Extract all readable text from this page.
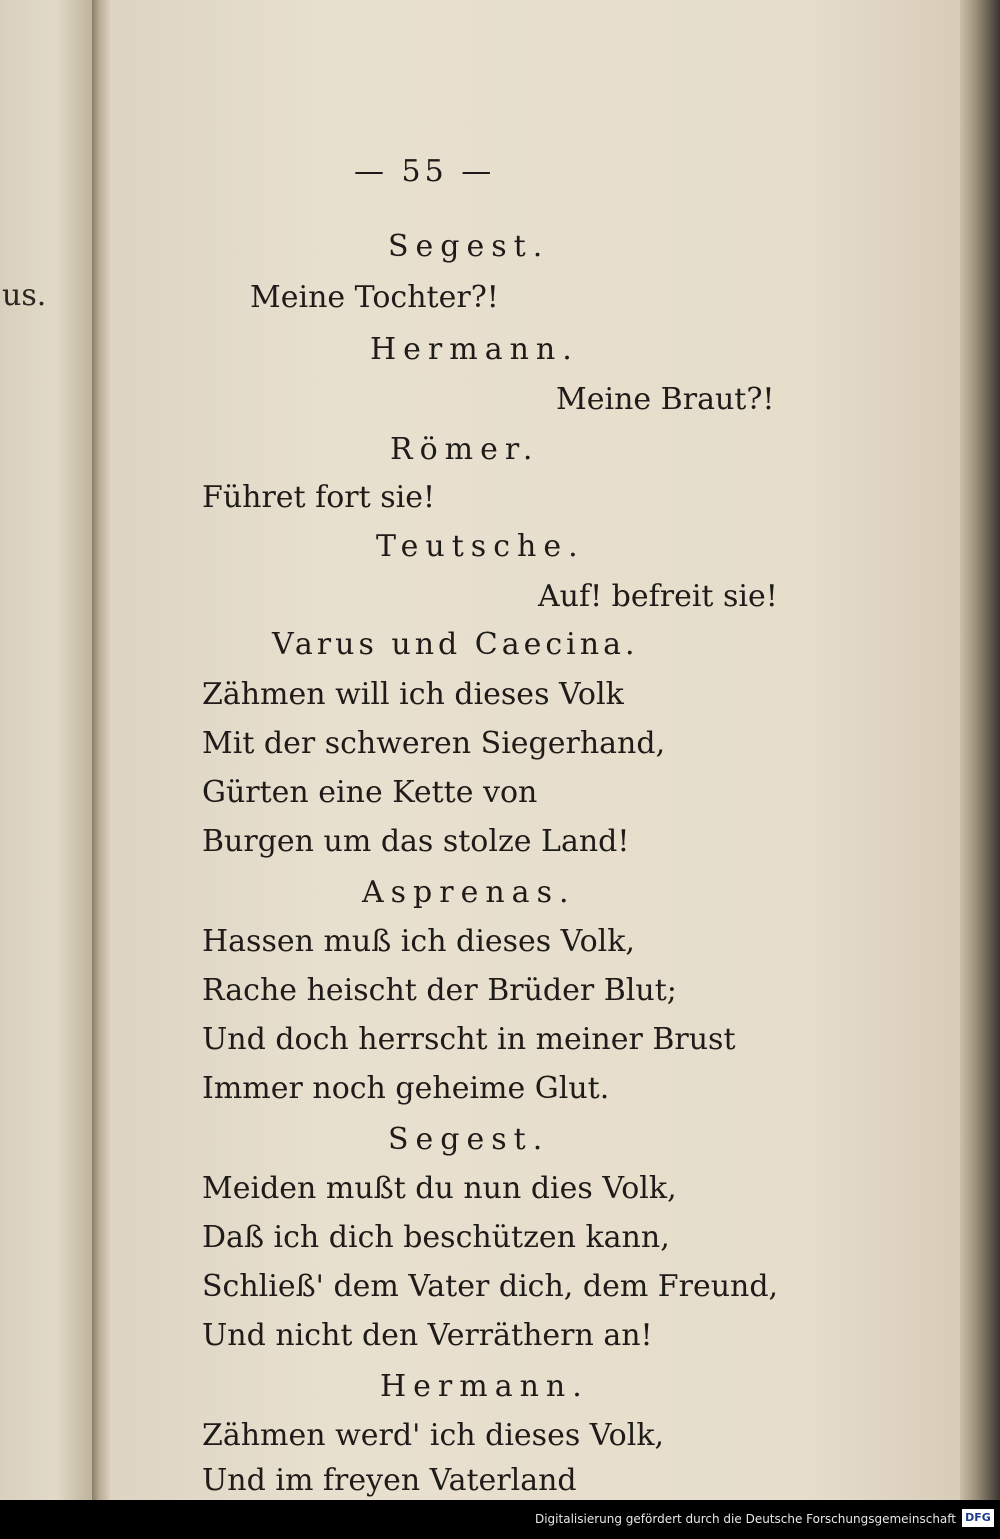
us.
— 55 —
Segest.
Meine Tochter?!
Hermann.
Meine Braut?!
Römer.
Führet fort sie!
Teutsche.
Auf! befreit sie!
Varus und Caecina.
Zähmen will ich dieses Volk
Mit der schweren Siegerhand,
Gürten eine Kette von
Burgen um das stolze Land!
Asprenas.
Hassen muß ich dieses Volk,
Rache heischt der Brüder Blut;
Und doch herrscht in meiner Brust
Immer noch geheime Glut.
Segest.
Meiden mußt du nun dies Volk,
Daß ich dich beschützen kann,
Schließ' dem Vater dich, dem Freund,
Und nicht den Verräthern an!
Hermann.
Zähmen werd' ich dieses Volk,
Und im freyen Vaterland
Digitalisierung gefördert durch die Deutsche Forschungsgemeinschaft DFG
